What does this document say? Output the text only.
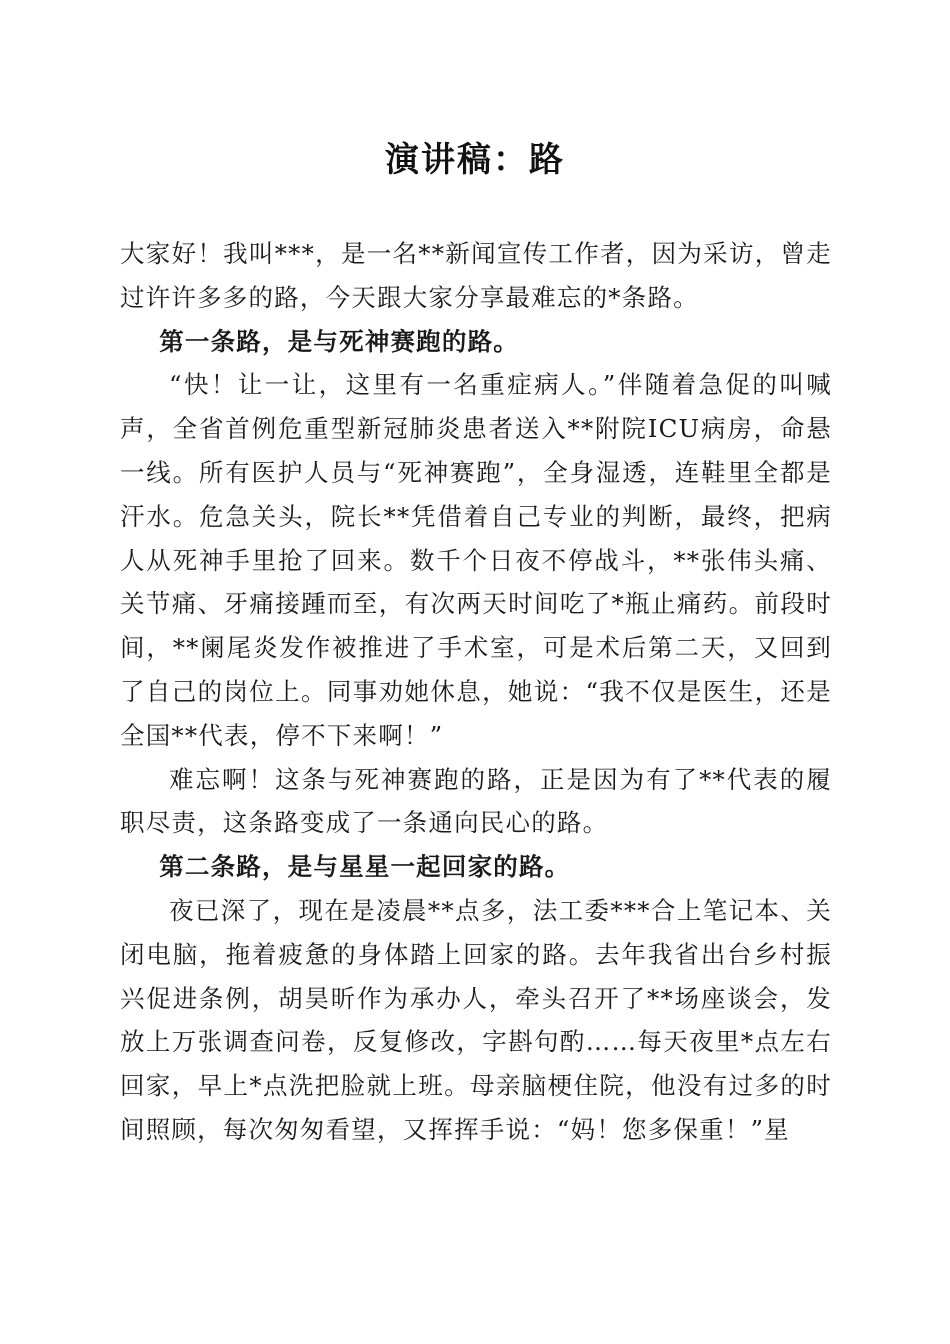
演讲稿：路

大家好！我叫***，是一名**新闻宣传工作者，因为采访，曾走过许许多多的路，今天跟大家分享最难忘的*条路。

第一条路，是与死神赛跑的路。

“快！让一让，这里有一名重症病人。”伴随着急促的叫喊声，全省首例危重型新冠肺炎患者送入**附院ICU病房，命悬一线。所有医护人员与“死神赛跑”，全身湿透，连鞋里全都是汗水。危急关头，院长**凭借着自己专业的判断，最终，把病人从死神手里抢了回来。数千个日夜不停战斗，**张伟头痛、关节痛、牙痛接踵而至，有次两天时间吃了*瓶止痛药。前段时间，**阑尾炎发作被推进了手术室，可是术后第二天，又回到了自己的岗位上。同事劝她休息，她说：“我不仅是医生，还是全国**代表，停不下来啊！”

难忘啊！这条与死神赛跑的路，正是因为有了**代表的履职尽责，这条路变成了一条通向民心的路。

第二条路，是与星星一起回家的路。

夜已深了，现在是凌晨**点多，法工委***合上笔记本、关闭电脑，拖着疲惫的身体踏上回家的路。去年我省出台乡村振兴促进条例，胡昊昕作为承办人，牵头召开了**场座谈会，发放上万张调查问卷，反复修改，字斟句酌……每天夜里*点左右回家，早上*点洗把脸就上班。母亲脑梗住院，他没有过多的时间照顾，每次匆匆看望，又挥挥手说：“妈！您多保重！”星
